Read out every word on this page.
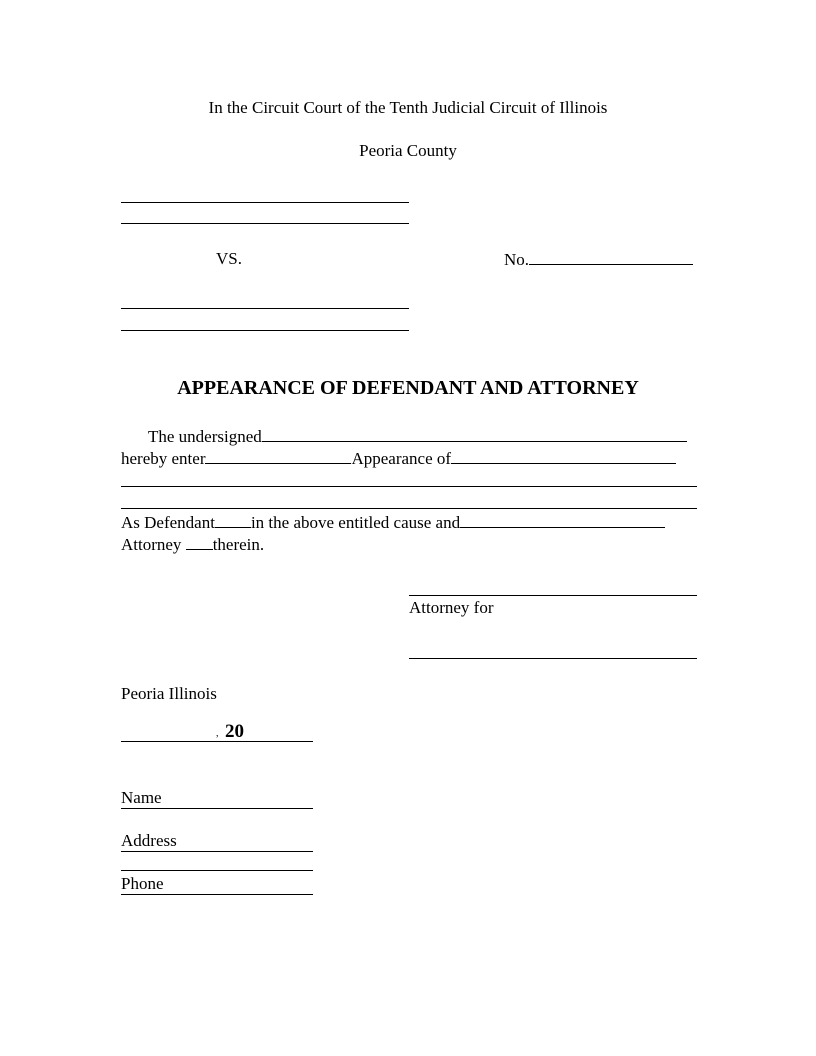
In the Circuit Court of the Tenth Judicial Circuit of Illinois
Peoria County
VS.	No.
APPEARANCE OF DEFENDANT AND ATTORNEY
The undersigned
hereby enter	Appearance of
As Defendant in the above entitled cause and
Attorney therein.
Attorney for
Peoria Illinois
, 20
Name
Address
Phone
